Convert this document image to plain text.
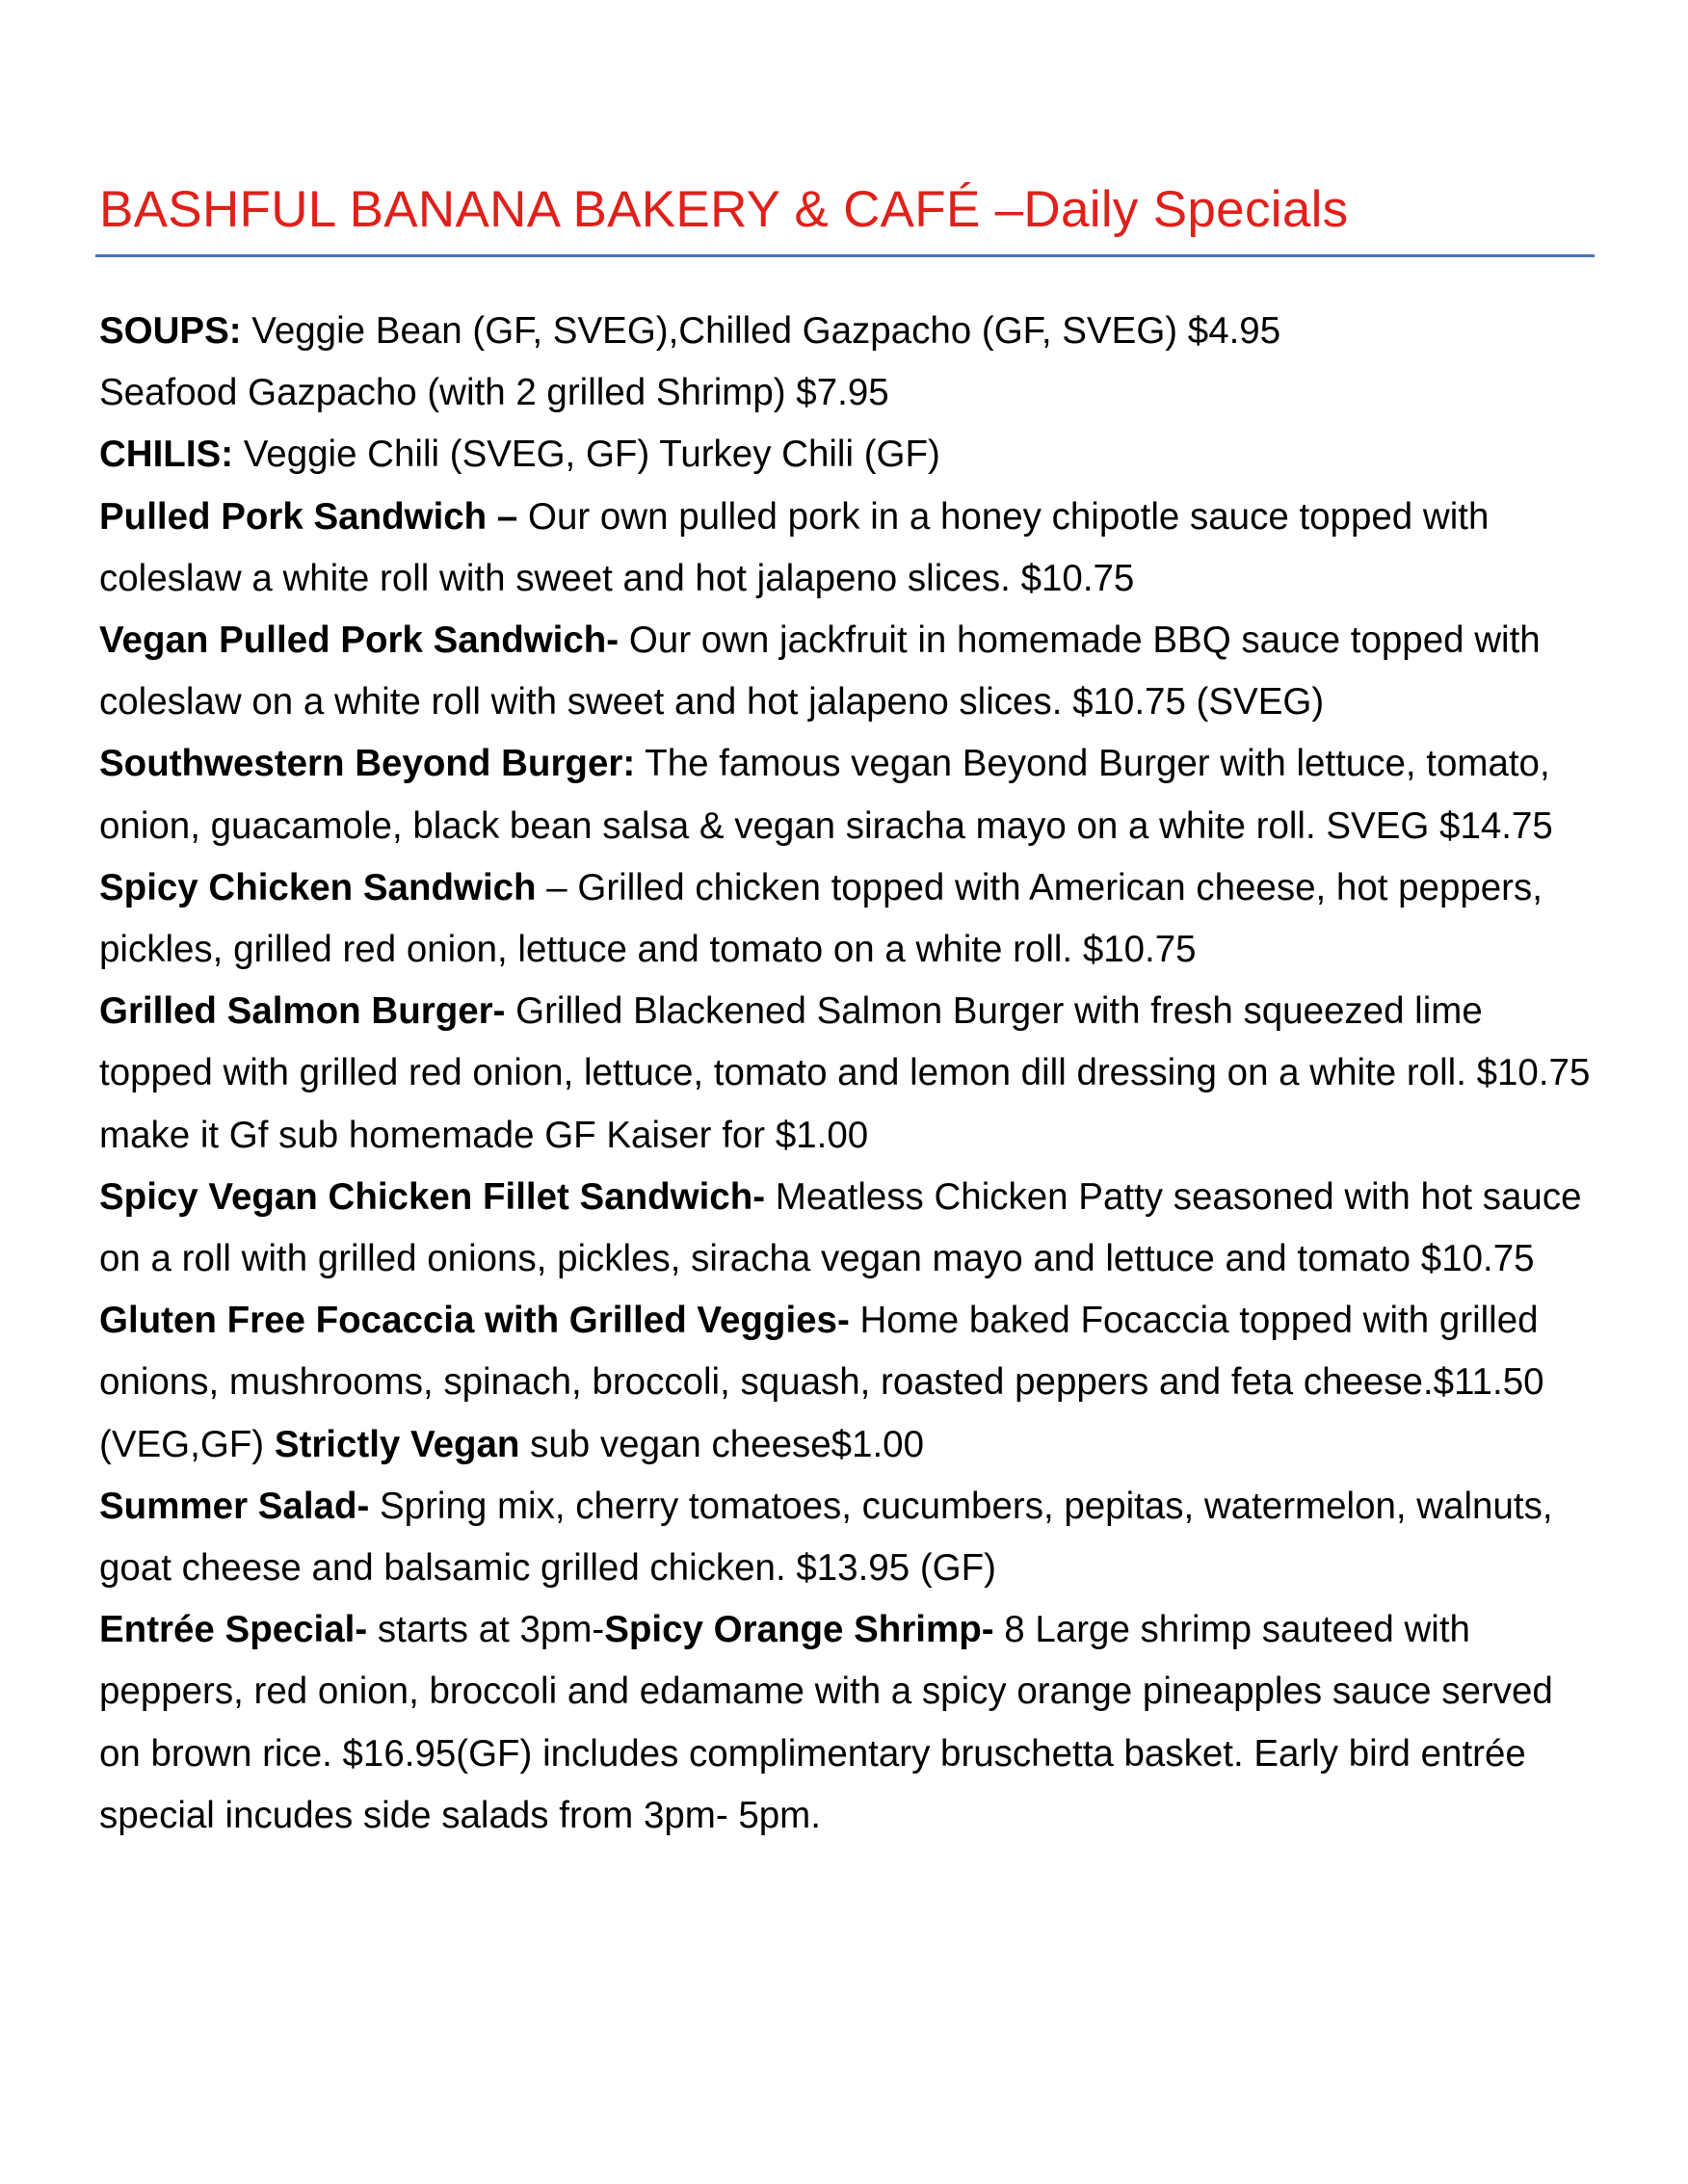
BASHFUL BANANA BAKERY & CAFÉ –Daily Specials

SOUPS: Veggie Bean (GF, SVEG),Chilled Gazpacho (GF, SVEG) $4.95

Seafood Gazpacho (with 2 grilled Shrimp) $7.95

CHILIS: Veggie Chili (SVEG, GF) Turkey Chili (GF)

Pulled Pork Sandwich – Our own pulled pork in a honey chipotle sauce topped with coleslaw a white roll with sweet and hot jalapeno slices. $10.75

Vegan Pulled Pork Sandwich- Our own jackfruit in homemade BBQ sauce topped with coleslaw on a white roll with sweet and hot jalapeno slices. $10.75 (SVEG)

Southwestern Beyond Burger: The famous vegan Beyond Burger with lettuce, tomato, onion, guacamole, black bean salsa & vegan siracha mayo on a white roll. SVEG $14.75

Spicy Chicken Sandwich – Grilled chicken topped with American cheese, hot peppers, pickles, grilled red onion, lettuce and tomato on a white roll. $10.75

Grilled Salmon Burger- Grilled Blackened Salmon Burger with fresh squeezed lime topped with grilled red onion, lettuce, tomato and lemon dill dressing on a white roll. $10.75 make it Gf sub homemade GF Kaiser for $1.00

Spicy Vegan Chicken Fillet Sandwich- Meatless Chicken Patty seasoned with hot sauce on a roll with grilled onions, pickles, siracha vegan mayo and lettuce and tomato $10.75

Gluten Free Focaccia with Grilled Veggies- Home baked Focaccia topped with grilled onions, mushrooms, spinach, broccoli, squash, roasted peppers and feta cheese.$11.50 (VEG,GF) Strictly Vegan sub vegan cheese$1.00

Summer Salad- Spring mix, cherry tomatoes, cucumbers, pepitas, watermelon, walnuts, goat cheese and balsamic grilled chicken. $13.95 (GF)

Entrée Special- starts at 3pm-Spicy Orange Shrimp- 8 Large shrimp sauteed with peppers, red onion, broccoli and edamame with a spicy orange pineapples sauce served on brown rice. $16.95(GF) includes complimentary bruschetta basket. Early bird entrée special incudes side salads from 3pm- 5pm.
